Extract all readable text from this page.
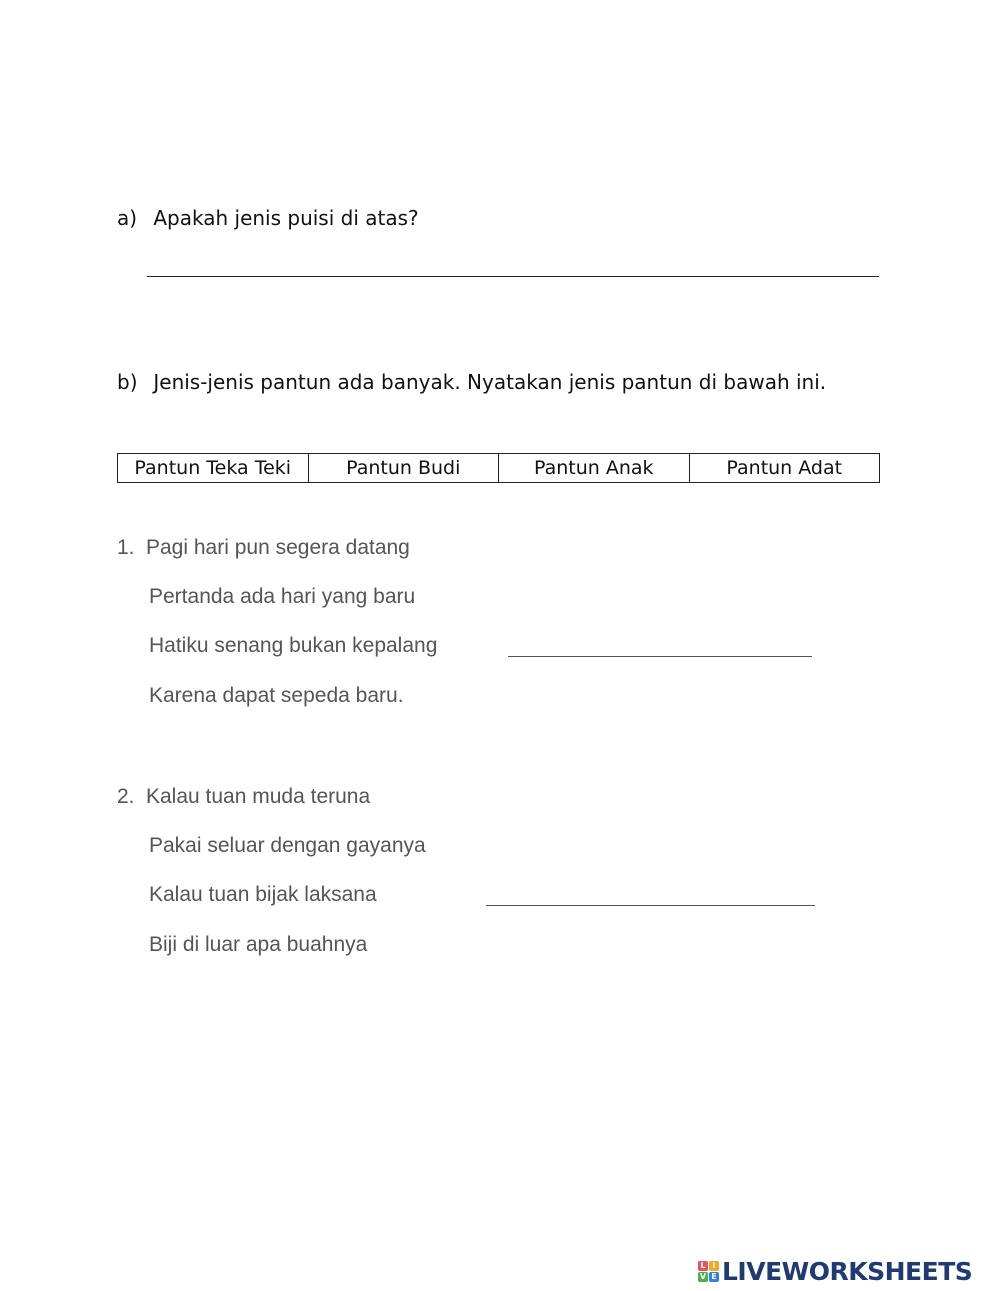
a) Apakah jenis puisi di atas?
b) Jenis-jenis pantun ada banyak. Nyatakan jenis pantun di bawah ini.
Pantun Teka Teki	Pantun Budi	Pantun Anak	Pantun Adat
1. Pagi hari pun segera datang
Pertanda ada hari yang baru
Hatiku senang bukan kepalang
Karena dapat sepeda baru.
2. Kalau tuan muda teruna
Pakai seluar dengan gayanya
Kalau tuan bijak laksana
Biji di luar apa buahnya
L I
V E LIVEWORKSHEETS
